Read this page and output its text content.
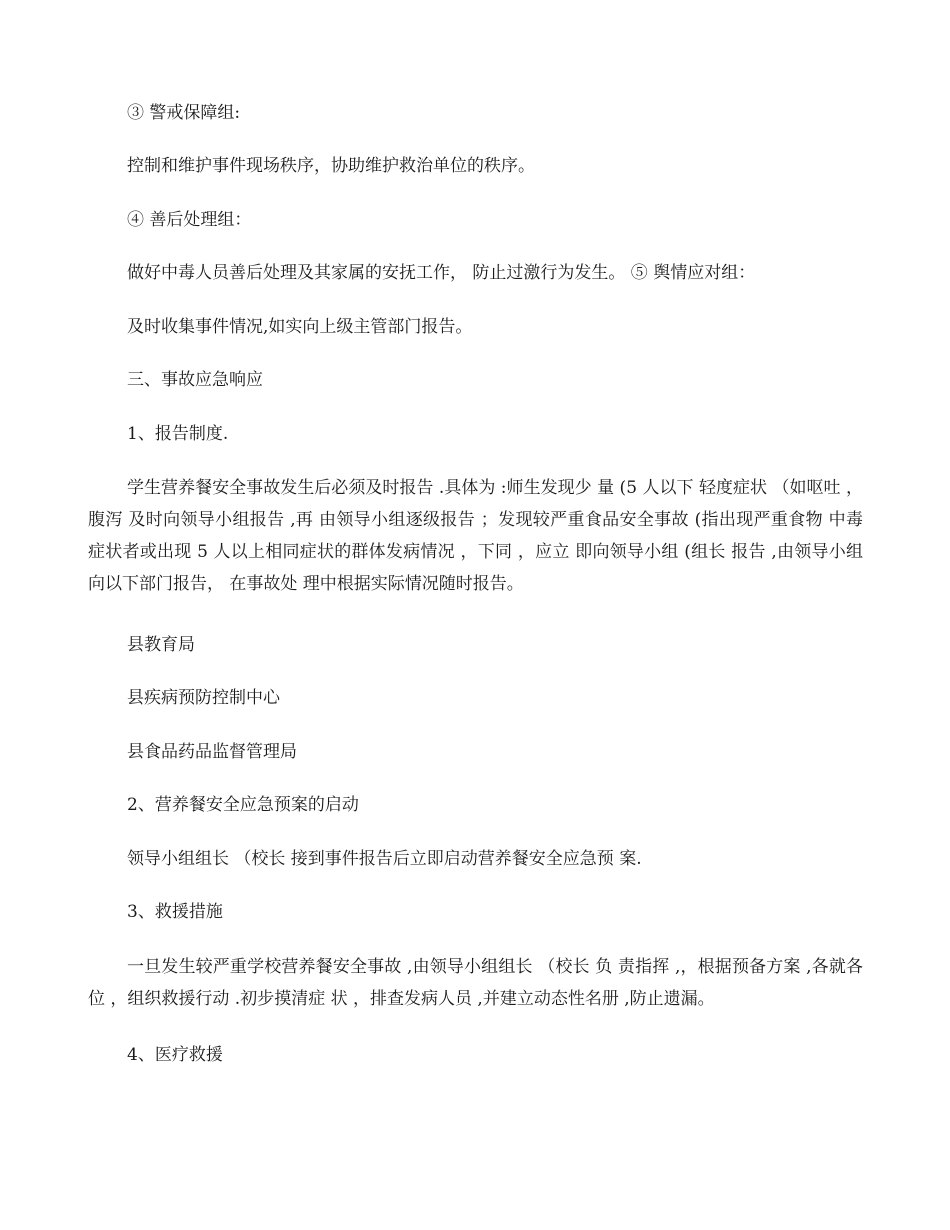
③ 警戒保障组:

控制和维护事件现场秩序，协助维护救治单位的秩序。

④ 善后处理组：

做好中毒人员善后处理及其家属的安抚工作， 防止过激行为发生。 ⑤ 舆情应对组：

及时收集事件情况,如实向上级主管部门报告。

三、事故应急响应

1、报告制度.

学生营养餐安全事故发生后必须及时报告 .具体为 :师生发现少 量 (5 人以下 轻度症状 （如呕吐 ，腹泻 及时向领导小组报告 ,再 由领导小组逐级报告 ；发现较严重食品安全事故 (指出现严重食物 中毒症状者或出现 5 人以上相同症状的群体发病情况 ，下同 ，应立 即向领导小组 (组长 报告 ,由领导小组向以下部门报告， 在事故处 理中根据实际情况随时报告。

县教育局

县疾病预防控制中心

县食品药品监督管理局

2、营养餐安全应急预案的启动

领导小组组长 （校长 接到事件报告后立即启动营养餐安全应急预 案.

3、救援措施

一旦发生较严重学校营养餐安全事故 ,由领导小组组长 （校长 负 责指挥 ,，根据预备方案 ,各就各位 ，组织救援行动 .初步摸清症 状 ，排查发病人员 ,并建立动态性名册 ,防止遗漏。

4、医疗救援
